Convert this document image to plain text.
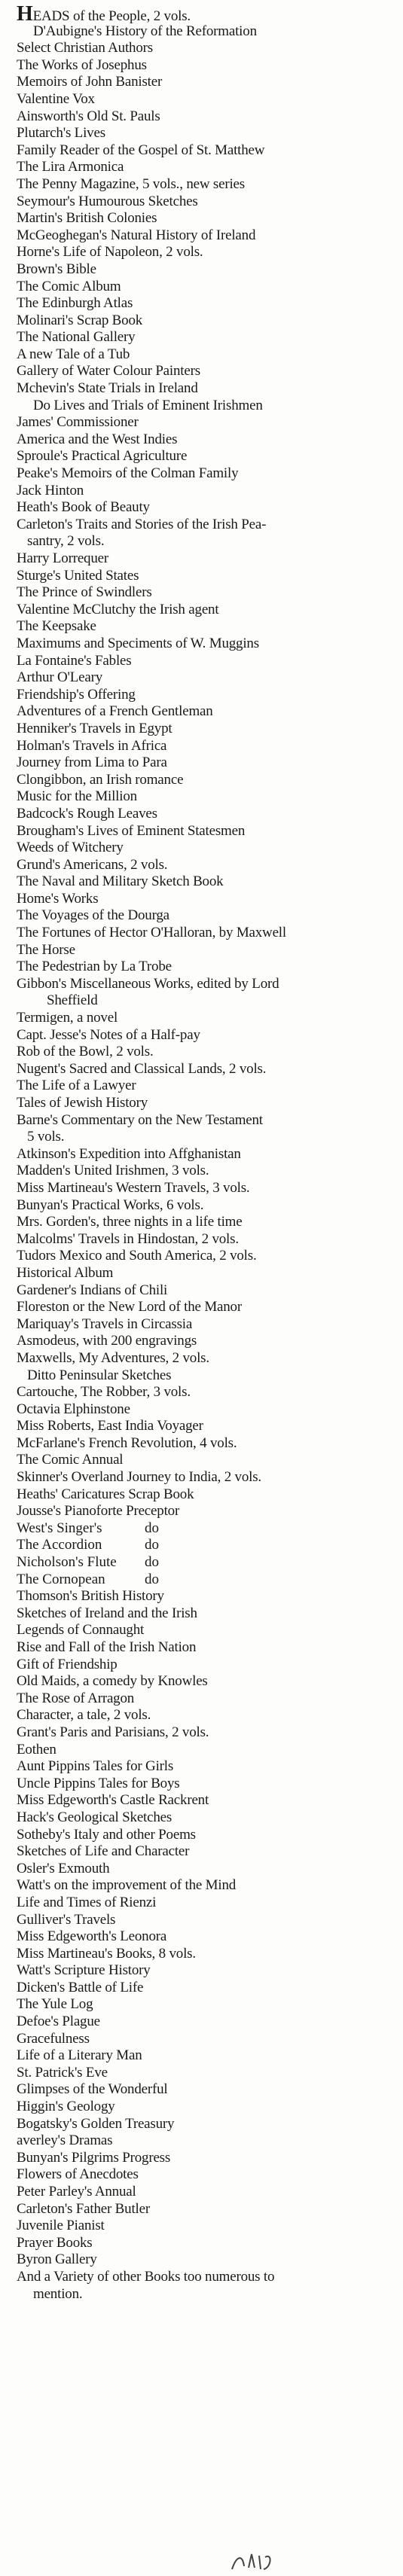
HEADS of the People, 2 vols.
D'Aubigne's History of the Reformation
Select Christian Authors
The Works of Josephus
Memoirs of John Banister
Valentine Vox
Ainsworth's Old St. Pauls
Plutarch's Lives
Family Reader of the Gospel of St. Matthew
The Lira Armonica
The Penny Magazine, 5 vols., new series
Seymour's Humourous Sketches
Martin's British Colonies
McGeoghegan's Natural History of Ireland
Horne's Life of Napoleon, 2 vols.
Brown's Bible
The Comic Album
The Edinburgh Atlas
Molinari's Scrap Book
The National Gallery
A new Tale of a Tub
Gallery of Water Colour Painters
Mchevin's State Trials in Ireland
Do Lives and Trials of Eminent Irishmen
James' Commissioner
America and the West Indies
Sproule's Practical Agriculture
Peake's Memoirs of the Colman Family
Jack Hinton
Heath's Book of Beauty
Carleton's Traits and Stories of the Irish Pea-
santry, 2 vols.
Harry Lorrequer
Sturge's United States
The Prince of Swindlers
Valentine McClutchy the Irish agent
The Keepsake
Maximums and Speciments of W. Muggins
La Fontaine's Fables
Arthur O'Leary
Friendship's Offering
Adventures of a French Gentleman
Henniker's Travels in Egypt
Holman's Travels in Africa
Journey from Lima to Para
Clongibbon, an Irish romance
Music for the Million
Badcock's Rough Leaves
Brougham's Lives of Eminent Statesmen
Weeds of Witchery
Grund's Americans, 2 vols.
The Naval and Military Sketch Book
Home's Works
The Voyages of the Dourga
The Fortunes of Hector O'Halloran, by Maxwell
The Horse
The Pedestrian by La Trobe
Gibbon's Miscellaneous Works, edited by Lord
Sheffield
Termigen, a novel
Capt. Jesse's Notes of a Half-pay
Rob of the Bowl, 2 vols.
Nugent's Sacred and Classical Lands, 2 vols.
The Life of a Lawyer
Tales of Jewish History
Barne's Commentary on the New Testament
5 vols.
Atkinson's Expedition into Affghanistan
Madden's United Irishmen, 3 vols.
Miss Martineau's Western Travels, 3 vols.
Bunyan's Practical Works, 6 vols.
Mrs. Gorden's, three nights in a life time
Malcolms' Travels in Hindostan, 2 vols.
Tudors Mexico and South America, 2 vols.
Historical Album
Gardener's Indians of Chili
Floreston or the New Lord of the Manor
Mariquay's Travels in Circassia
Asmodeus, with 200 engravings
Maxwells, My Adventures, 2 vols.
Ditto Peninsular Sketches
Cartouche, The Robber, 3 vols.
Octavia Elphinstone
Miss Roberts, East India Voyager
McFarlane's French Revolution, 4 vols.
The Comic Annual
Skinner's Overland Journey to India, 2 vols.
Heaths' Caricatures Scrap Book
Jousse's Pianoforte Preceptor
West's Singer's	do
The Accordion	do
Nicholson's Flute do
The Cornopean	do
Thomson's British History
Sketches of Ireland and the Irish
Legends of Connaught
Rise and Fall of the Irish Nation
Gift of Friendship
Old Maids, a comedy by Knowles
The Rose of Arragon
Character, a tale, 2 vols.
Grant's Paris and Parisians, 2 vols.
Eothen
Aunt Pippins Tales for Girls
Uncle Pippins Tales for Boys
Miss Edgeworth's Castle Rackrent
Hack's Geological Sketches
Sotheby's Italy and other Poems
Sketches of Life and Character
Osler's Exmouth
Watt's on the improvement of the Mind
Life and Times of Rienzi
Gulliver's Travels
Miss Edgeworth's Leonora
Miss Martineau's Books, 8 vols.
Watt's Scripture History
Dicken's Battle of Life
The Yule Log
Defoe's Plague
Gracefulness
Life of a Literary Man
St. Patrick's Eve
Glimpses of the Wonderful
Higgin's Geology
Bogatsky's Golden Treasury
averley's Dramas
Bunyan's Pilgrims Progress
Flowers of Anecdotes
Peter Parley's Annual
Carleton's Father Butler
Juvenile Pianist
Prayer Books
Byron Gallery
And a Variety of other Books too numerous to
mention.
